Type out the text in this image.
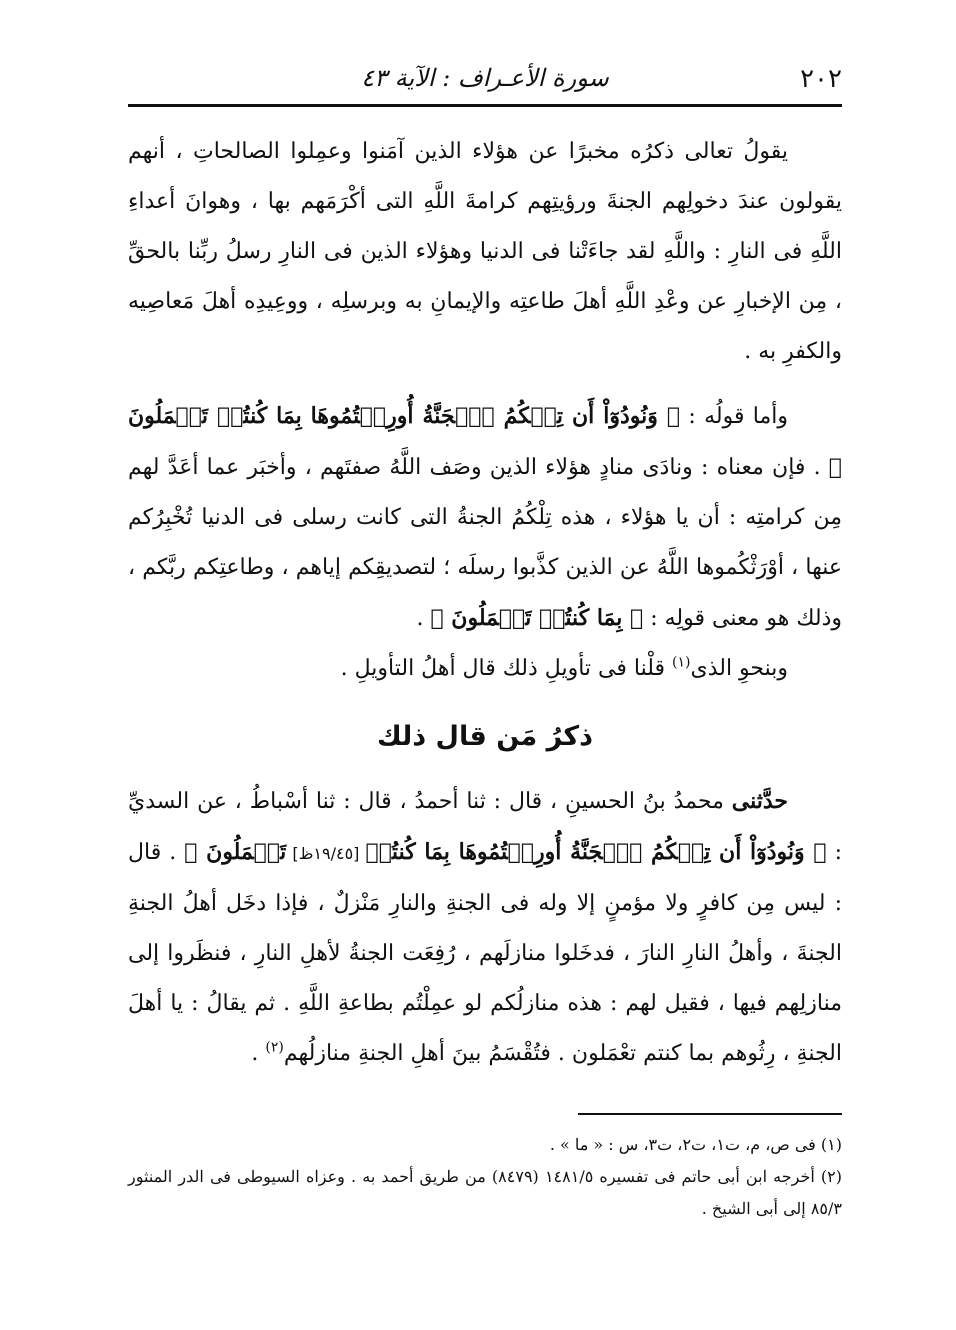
٢٠٢
سورة الأعـراف : الآية ٤٣

يقولُ تعالى ذكرُه مخبرًا عن هؤلاء الذين آمَنوا وعمِلوا الصالحاتِ ، أنهم يقولون عندَ دخولِهم الجنةَ ورؤيتِهم كرامةَ اللَّهِ التى أكْرَمَهم بها ، وهوانَ أعداءِ اللَّهِ فى النارِ : واللَّهِ لقد جاءَتْنا فى الدنيا وهؤلاء الذين فى النارِ رسلُ ربِّنا بالحقِّ ، مِن الإخبارِ عن وعْدِ اللَّهِ أهلَ طاعتِه والإيمانِ به وبرسلِه ، ووعِيدِه أهلَ مَعاصِيه والكفرِ به .

وأما قولُه : ﴿ وَنُودُوٓاْ أَن تِلۡكُمُ ٱلۡجَنَّةُ أُورِثۡتُمُوهَا بِمَا كُنتُمۡ تَعۡمَلُونَ ﴾ . فإن معناه : ونادَى منادٍ هؤلاء الذين وصَف اللَّهُ صفتَهم ، وأخبَر عما أعَدَّ لهم مِن كرامتِه : أن يا هؤلاء ، هذه تِلْكُمُ الجنةُ التى كانت رسلى فى الدنيا تُخْبِرُكم عنها ، أوْرَثْكُموها اللَّهُ عن الذين كذَّبوا رسلَه ؛ لتصديقِكم إياهم ، وطاعتِكم ربَّكم ، وذلك هو معنى قولِه : ﴿ بِمَا كُنتُمۡ تَعۡمَلُونَ ﴾ .

وبنحوِ الذى$^{(١)}$ قلْنا فى تأويلِ ذلك قال أهلُ التأويلِ .

ذكرُ مَن قال ذلك

حدَّثنى محمدُ بنُ الحسينِ ، قال : ثنا أحمدُ ، قال : ثنا أسْباطُ ، عن السديِّ : ﴿ وَنُودُوٓاْ أَن تِلۡكُمُ ٱلۡجَنَّةُ أُورِثۡتُمُوهَا بِمَا كُنتُمۡ [١٩/٤٥ظ] تَعۡمَلُونَ ﴾ . قال : ليس مِن كافرٍ ولا مؤمنٍ إلا وله فى الجنةِ والنارِ مَنْزلٌ ، فإذا دخَل أهلُ الجنةِ الجنةَ ، وأهلُ النارِ النارَ ، فدخَلوا منازلَهم ، رُفِعَت الجنةُ لأهلِ النارِ ، فنظَروا إلى منازلِهم فيها ، فقيل لهم : هذه منازلُكم لو عمِلْتُم بطاعةِ اللَّهِ . ثم يقالُ : يا أهلَ الجنةِ ، رِثُوهم بما كنتم تعْمَلون . فتُقْسَمُ بينَ أهلِ الجنةِ منازلُهم$^{(٢)}$ .

(١) فى ص، م، ت١، ت٢، ت٣، س : « ما » .

(٢) أخرجه ابن أبى حاتم فى تفسيره ١٤٨١/٥ (٨٤٧٩) من طريق أحمد به . وعزاه السيوطى فى الدر المنثور ٨٥/٣ إلى أبى الشيخ .
